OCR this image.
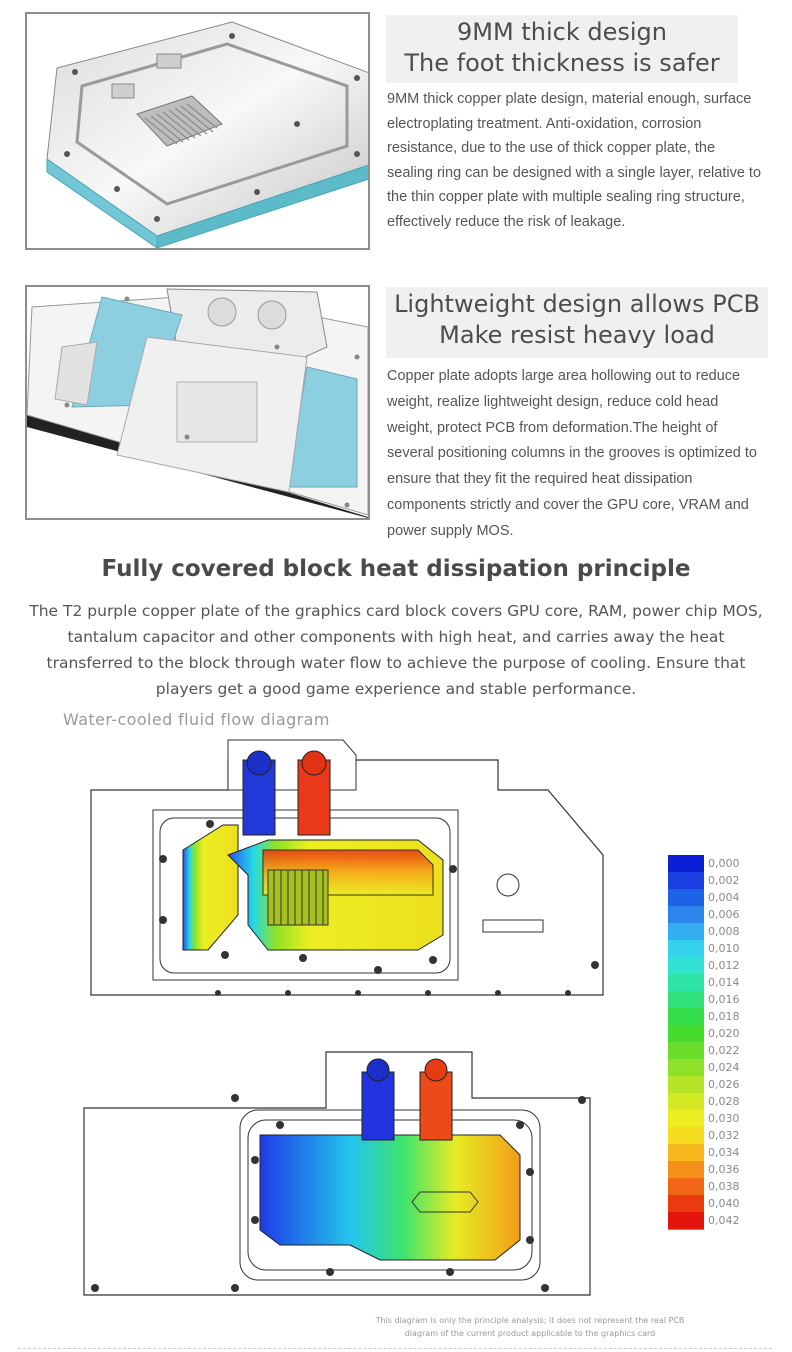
9MM thick design
The foot thickness is safer
9MM thick copper plate design, material enough, surface electroplating treatment. Anti-oxidation, corrosion resistance, due to the use of thick copper plate, the sealing ring can be designed with a single layer, relative to the thin copper plate with multiple sealing ring structure, effectively reduce the risk of leakage.
Lightweight design allows PCB
Make resist heavy load
Copper plate adopts large area hollowing out to reduce weight, realize lightweight design, reduce cold head weight, protect PCB from deformation.The height of several positioning columns in the grooves is optimized to ensure that they fit the required heat dissipation components strictly and cover the GPU core, VRAM and power supply MOS.
Fully covered block heat dissipation principle
The T2 purple copper plate of the graphics card block covers GPU core, RAM, power chip MOS, tantalum capacitor and other components with high heat, and carries away the heat transferred to the block through water flow to achieve the purpose of cooling. Ensure that players get a good game experience and stable performance.
Water-cooled fluid flow diagram
0,000
0,002
0,004
0,006
0,008
0,010
0,012
0,014
0,016
0,018
0,020
0,022
0,024
0,026
0,028
0,030
0,032
0,034
0,036
0,038
0,040
0,042
This diagram is only the principle analysis; it does not represent the real PCB
diagram of the current product applicable to the graphics card
